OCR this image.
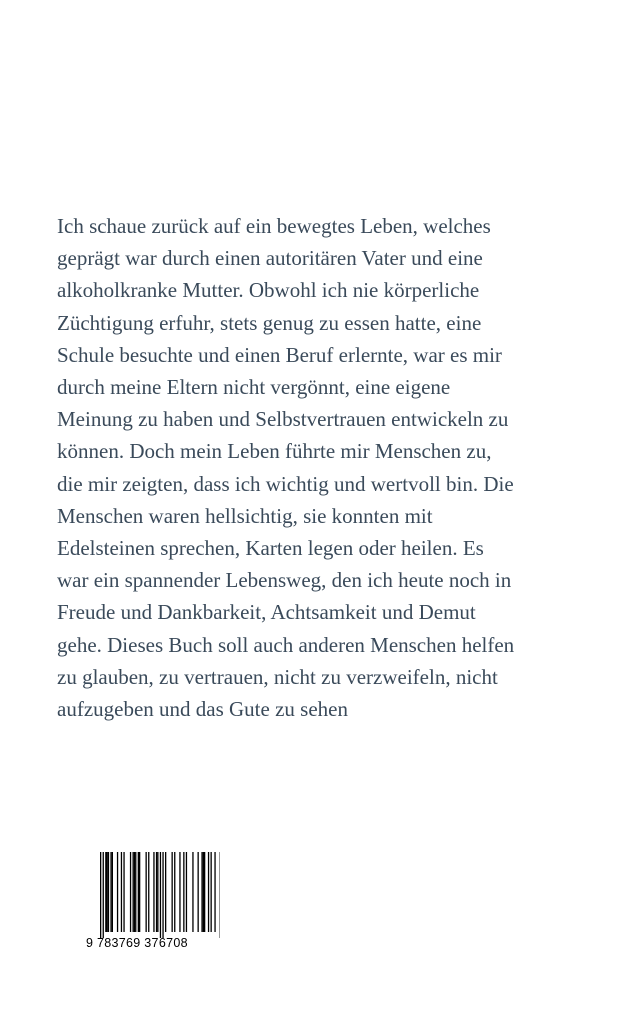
Ich schaue zurück auf ein bewegtes Leben, welches
geprägt war durch einen autoritären Vater und eine
alkoholkranke Mutter. Obwohl ich nie körperliche
Züchtigung erfuhr, stets genug zu essen hatte, eine
Schule besuchte und einen Beruf erlernte, war es mir
durch meine Eltern nicht vergönnt, eine eigene
Meinung zu haben und Selbstvertrauen entwickeln zu
können. Doch mein Leben führte mir Menschen zu,
die mir zeigten, dass ich wichtig und wertvoll bin. Die
Menschen waren hellsichtig, sie konnten mit
Edelsteinen sprechen, Karten legen oder heilen. Es
war ein spannender Lebensweg, den ich heute noch in
Freude und Dankbarkeit, Achtsamkeit und Demut
gehe. Dieses Buch soll auch anderen Menschen helfen
zu glauben, zu vertrauen, nicht zu verzweifeln, nicht
aufzugeben und das Gute zu sehen
9 783769 376708
